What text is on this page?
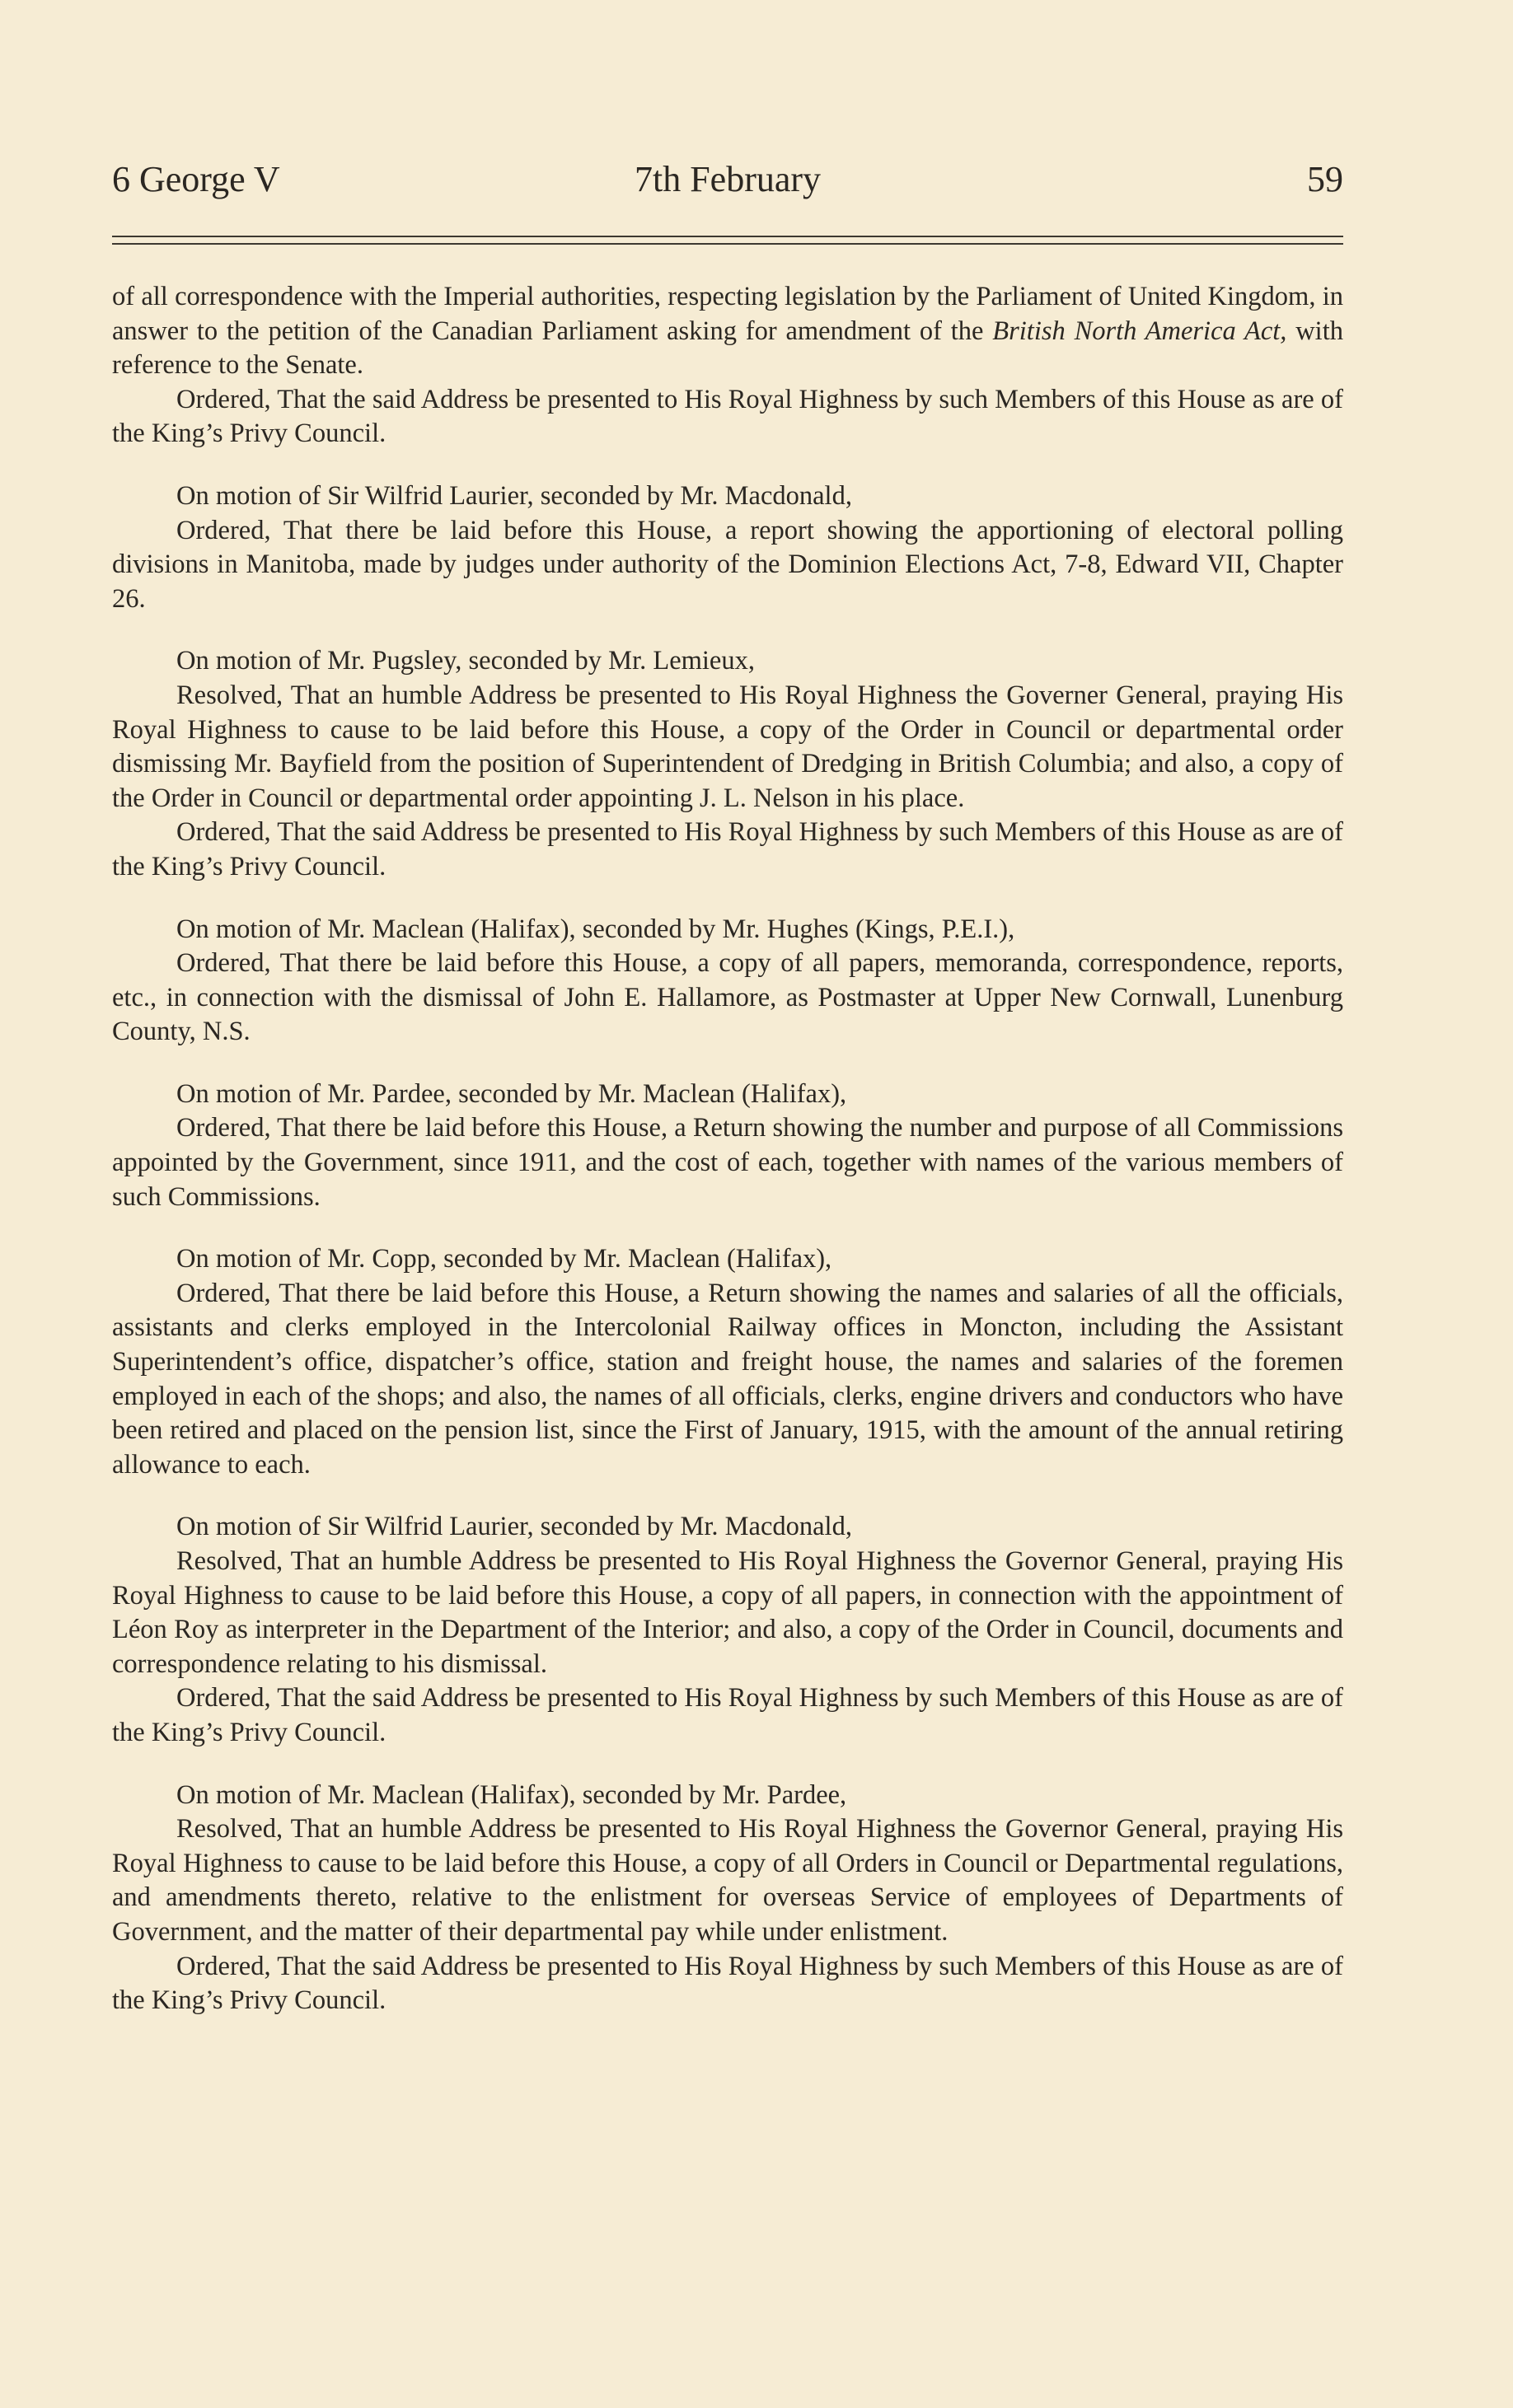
6 George V	7th February	59

of all correspondence with the Imperial authorities, respecting legislation by the Parliament of United Kingdom, in answer to the petition of the Canadian Parliament asking for amendment of the British North America Act, with reference to the Senate.

Ordered, That the said Address be presented to His Royal Highness by such Members of this House as are of the King’s Privy Council.

On motion of Sir Wilfrid Laurier, seconded by Mr. Macdonald,

Ordered, That there be laid before this House, a report showing the apportioning of electoral polling divisions in Manitoba, made by judges under authority of the Dominion Elections Act, 7-8, Edward VII, Chapter 26.

On motion of Mr. Pugsley, seconded by Mr. Lemieux,

Resolved, That an humble Address be presented to His Royal Highness the Governer General, praying His Royal Highness to cause to be laid before this House, a copy of the Order in Council or departmental order dismissing Mr. Bayfield from the position of Superintendent of Dredging in British Columbia; and also, a copy of the Order in Council or departmental order appointing J. L. Nelson in his place.

Ordered, That the said Address be presented to His Royal Highness by such Members of this House as are of the King’s Privy Council.

On motion of Mr. Maclean (Halifax), seconded by Mr. Hughes (Kings, P.E.I.),

Ordered, That there be laid before this House, a copy of all papers, memoranda, correspondence, reports, etc., in connection with the dismissal of John E. Hallamore, as Postmaster at Upper New Cornwall, Lunenburg County, N.S.

On motion of Mr. Pardee, seconded by Mr. Maclean (Halifax),

Ordered, That there be laid before this House, a Return showing the number and purpose of all Commissions appointed by the Government, since 1911, and the cost of each, together with names of the various members of such Commissions.

On motion of Mr. Copp, seconded by Mr. Maclean (Halifax),

Ordered, That there be laid before this House, a Return showing the names and salaries of all the officials, assistants and clerks employed in the Intercolonial Railway offices in Moncton, including the Assistant Superintendent’s office, dispatcher’s office, station and freight house, the names and salaries of the foremen employed in each of the shops; and also, the names of all officials, clerks, engine drivers and conductors who have been retired and placed on the pension list, since the First of January, 1915, with the amount of the annual retiring allowance to each.

On motion of Sir Wilfrid Laurier, seconded by Mr. Macdonald,

Resolved, That an humble Address be presented to His Royal Highness the Governor General, praying His Royal Highness to cause to be laid before this House, a copy of all papers, in connection with the appointment of Léon Roy as interpreter in the Department of the Interior; and also, a copy of the Order in Council, documents and correspondence relating to his dismissal.

Ordered, That the said Address be presented to His Royal Highness by such Members of this House as are of the King’s Privy Council.

On motion of Mr. Maclean (Halifax), seconded by Mr. Pardee,

Resolved, That an humble Address be presented to His Royal Highness the Governor General, praying His Royal Highness to cause to be laid before this House, a copy of all Orders in Council or Departmental regulations, and amendments thereto, relative to the enlistment for overseas Service of employees of Departments of Government, and the matter of their departmental pay while under enlistment.

Ordered, That the said Address be presented to His Royal Highness by such Members of this House as are of the King’s Privy Council.
